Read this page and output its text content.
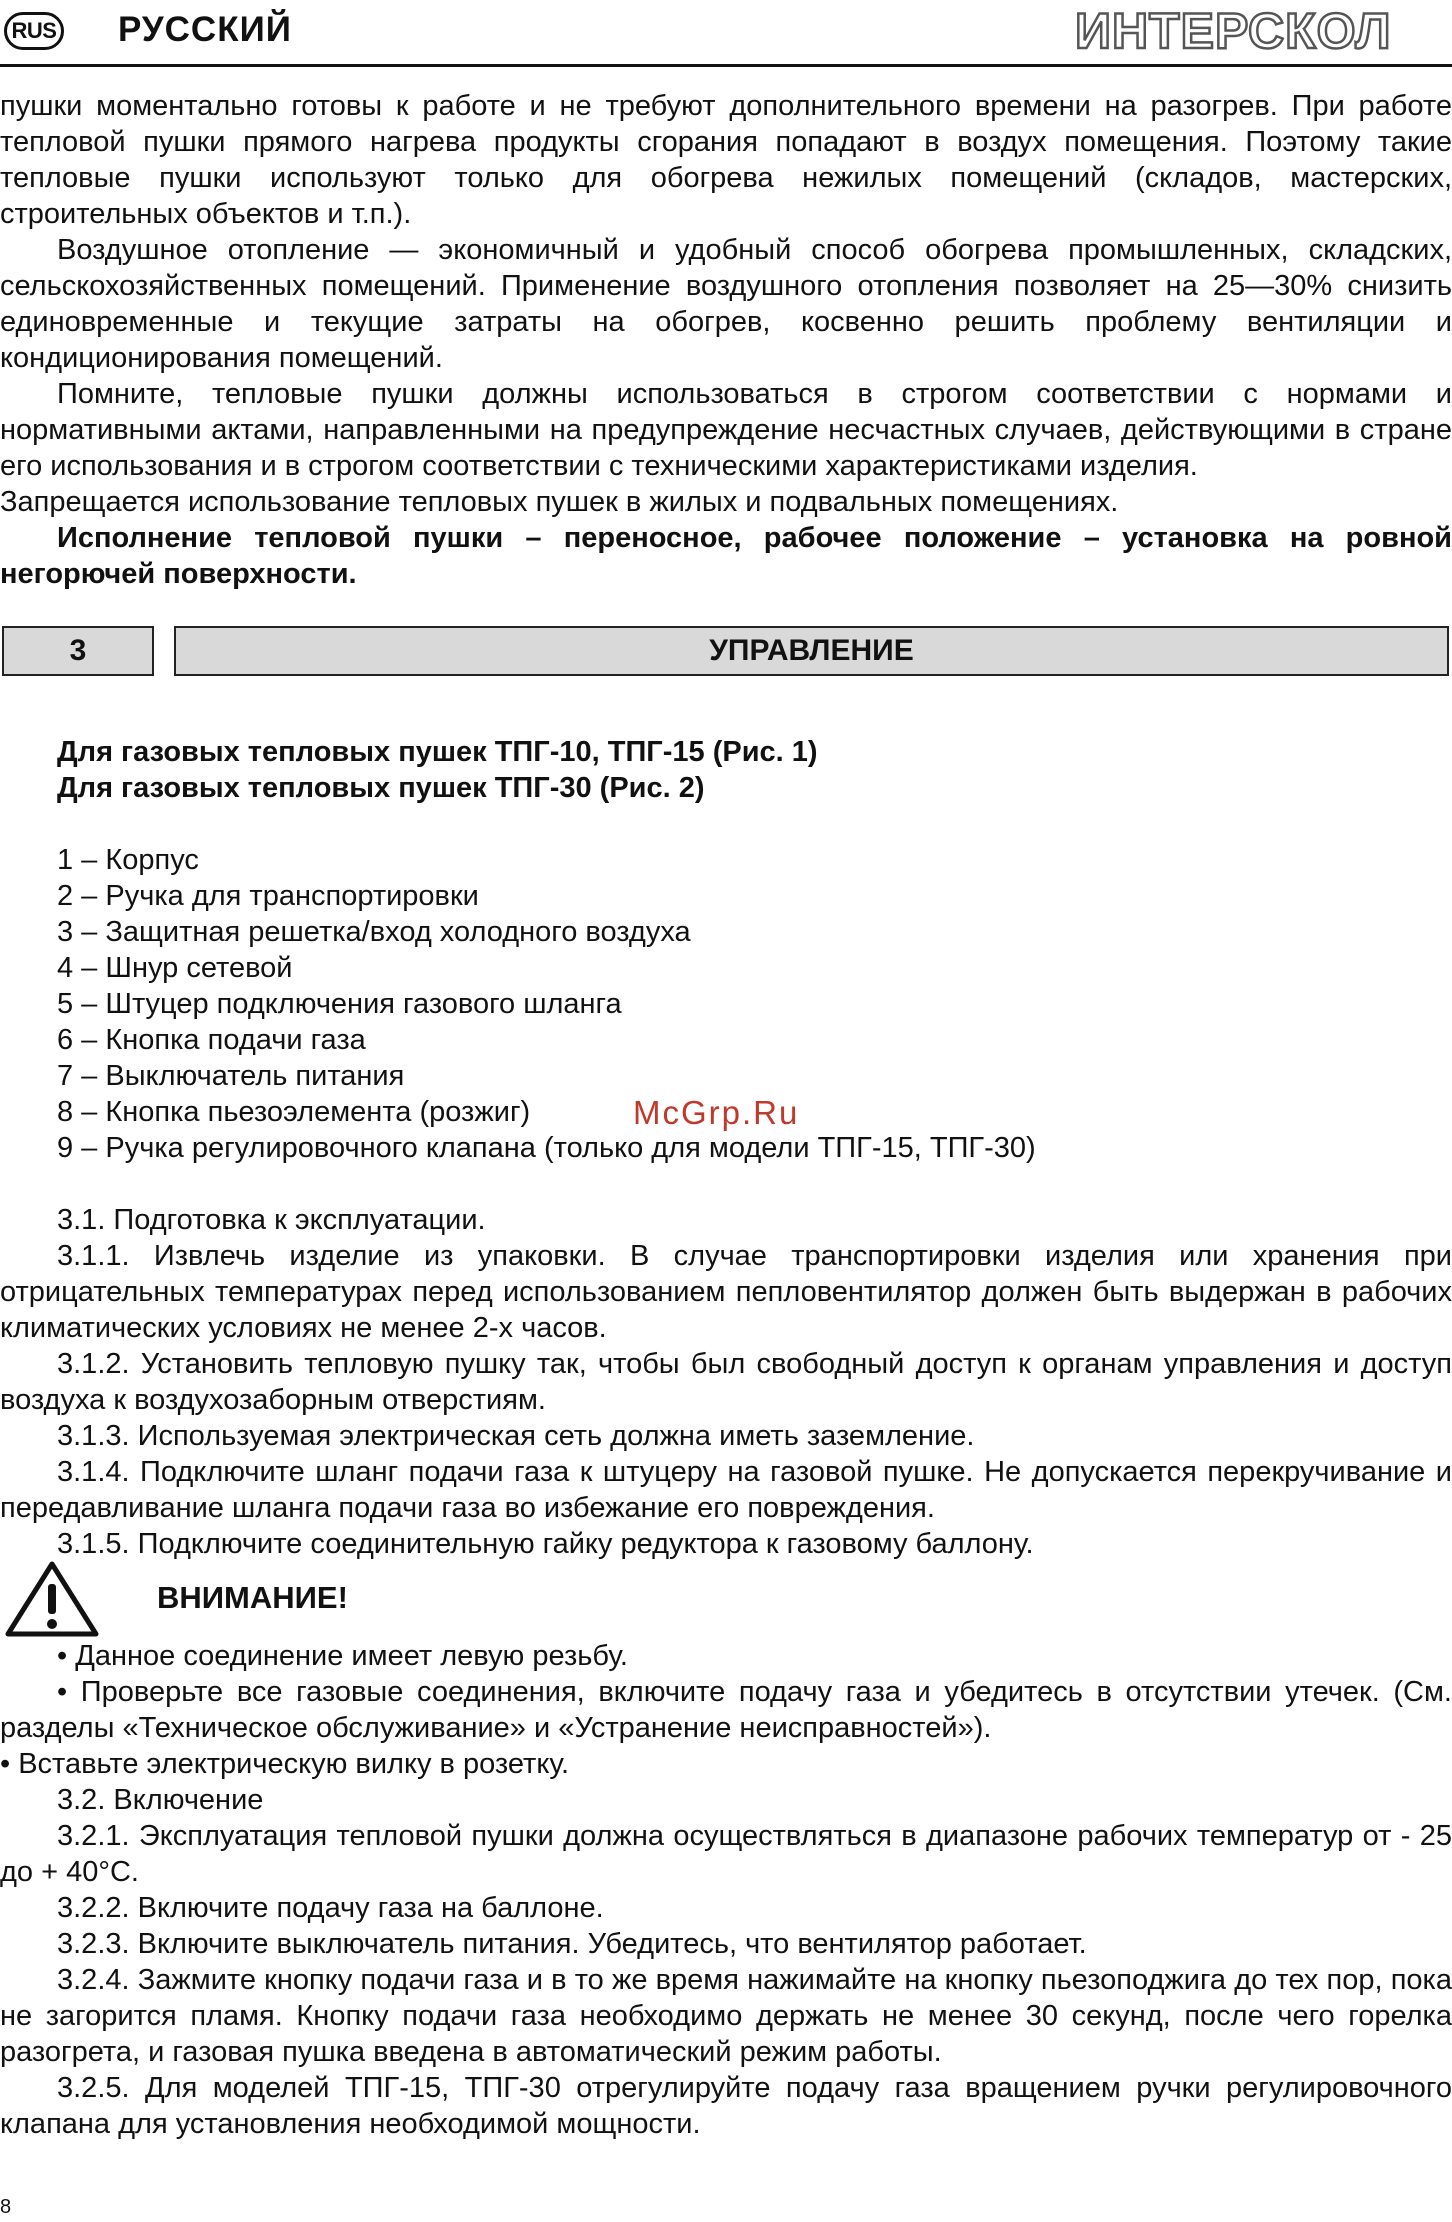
RUS РУССКИЙ	ИНТЕРСКОЛ

пушки моментально готовы к работе и не требуют дополнительного времени на разогрев. При работе тепловой пушки прямого нагрева продукты сгорания попадают в воздух помещения. Поэтому такие тепловые пушки используют только для обогрева нежилых помещений (складов, мастерских, строительных объектов и т.п.).

Воздушное отопление — экономичный и удобный способ обогрева промышленных, складских, сельскохозяйственных помещений. Применение воздушного отопления позволяет на 25—30% снизить единовременные и текущие затраты на обогрев, косвенно решить проблему вентиляции и кондиционирования помещений.

Помните, тепловые пушки должны использоваться в строгом соответствии с нормами и нормативными актами, направленными на предупреждение несчастных случаев, действующими в стране его использования и в строгом соответствии с техническими характеристиками изделия.

Запрещается использование тепловых пушек в жилых и подвальных помещениях.

Исполнение тепловой пушки – переносное, рабочее положение – установка на ровной негорючей поверхности.

3	УПРАВЛЕНИЕ

Для газовых тепловых пушек ТПГ-10, ТПГ-15 (Рис. 1)

Для газовых тепловых пушек ТПГ-30 (Рис. 2)

1 – Корпус
2 – Ручка для транспортировки
3 – Защитная решетка/вход холодного воздуха
4 – Шнур сетевой
5 – Штуцер подключения газового шланга
6 – Кнопка подачи газа
7 – Выключатель питания
8 – Кнопка пьезоэлемента (розжиг)
9 – Ручка регулировочного клапана (только для модели ТПГ-15, ТПГ-30)

3.1. Подготовка к эксплуатации.

3.1.1. Извлечь изделие из упаковки. В случае транспортировки изделия или хранения при отрицательных температурах перед использованием пепловентилятор должен быть выдержан в рабочих климатических условиях не менее 2-х часов.

3.1.2. Установить тепловую пушку так, чтобы был свободный доступ к органам управления и доступ воздуха к воздухозаборным отверстиям.

3.1.3. Используемая электрическая сеть должна иметь заземление.

3.1.4. Подключите шланг подачи газа к штуцеру на газовой пушке. Не допускается перекручивание и передавливание шланга подачи газа во избежание его повреждения.

3.1.5. Подключите соединительную гайку редуктора к газовому баллону.

ВНИМАНИЕ!

• Данное соединение имеет левую резьбу.

• Проверьте все газовые соединения, включите подачу газа и убедитесь в отсутствии утечек. (См. разделы «Техническое обслуживание» и «Устранение неисправностей»).

• Вставьте электрическую вилку в розетку.

3.2. Включение

3.2.1. Эксплуатация тепловой пушки должна осуществляться в диапазоне рабочих температур от - 25 до + 40°С.

3.2.2. Включите подачу газа на баллоне.

3.2.3. Включите выключатель питания. Убедитесь, что вентилятор работает.

3.2.4. Зажмите кнопку подачи газа и в то же время нажимайте на кнопку пьезоподжига до тех пор, пока не загорится пламя. Кнопку подачи газа необходимо держать не менее 30 секунд, после чего горелка разогрета, и газовая пушка введена в автоматический режим работы.

3.2.5. Для моделей ТПГ-15, ТПГ-30 отрегулируйте подачу газа вращением ручки регулировочного клапана для установления необходимой мощности.

McGrp.Ru
8
